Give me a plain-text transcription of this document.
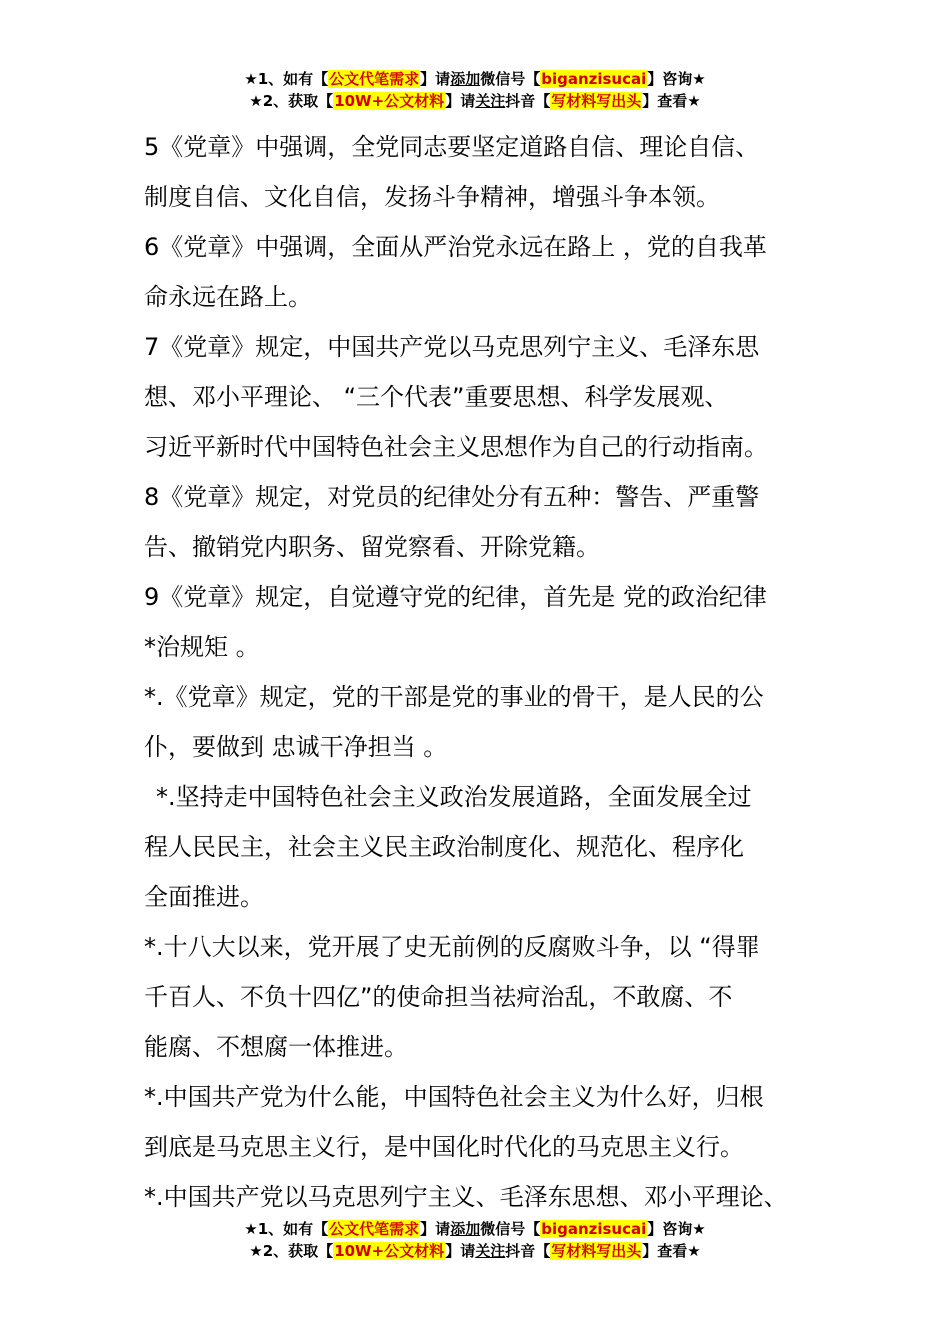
★1、如有【公文代笔需求】请添加微信号【biganzisucai】咨询★
★2、获取【10W+公文材料】请关注抖音【写材料写出头】查看★
5《党章》中强调，全党同志要坚定道路自信、理论自信、
制度自信、文化自信，发扬斗争精神，增强斗争本领。
6《党章》中强调，全面从严治党永远在路上 ，党的自我革
命永远在路上。
7《党章》规定，中国共产党以马克思列宁主义、毛泽东思
想、邓小平理论、 “三个代表”重要思想、科学发展观、
习近平新时代中国特色社会主义思想作为自己的行动指南。
8《党章》规定，对党员的纪律处分有五种：警告、严重警
告、撤销党内职务、留党察看、开除党籍。
9《党章》规定，自觉遵守党的纪律，首先是 党的政治纪律
*治规矩 。
*.《党章》规定，党的干部是党的事业的骨干，是人民的公
仆，要做到 忠诚干净担当 。
*.坚持走中国特色社会主义政治发展道路，全面发展全过
程人民民主，社会主义民主政治制度化、规范化、程序化
全面推进。
*.十八大以来，党开展了史无前例的反腐败斗争，以 “得罪
千百人、不负十四亿”的使命担当祛疴治乱，不敢腐、不
能腐、不想腐一体推进。
*.中国共产党为什么能，中国特色社会主义为什么好，归根
到底是马克思主义行，是中国化时代化的马克思主义行。
*.中国共产党以马克思列宁主义、毛泽东思想、邓小平理论、
★1、如有【公文代笔需求】请添加微信号【biganzisucai】咨询★
★2、获取【10W+公文材料】请关注抖音【写材料写出头】查看★
